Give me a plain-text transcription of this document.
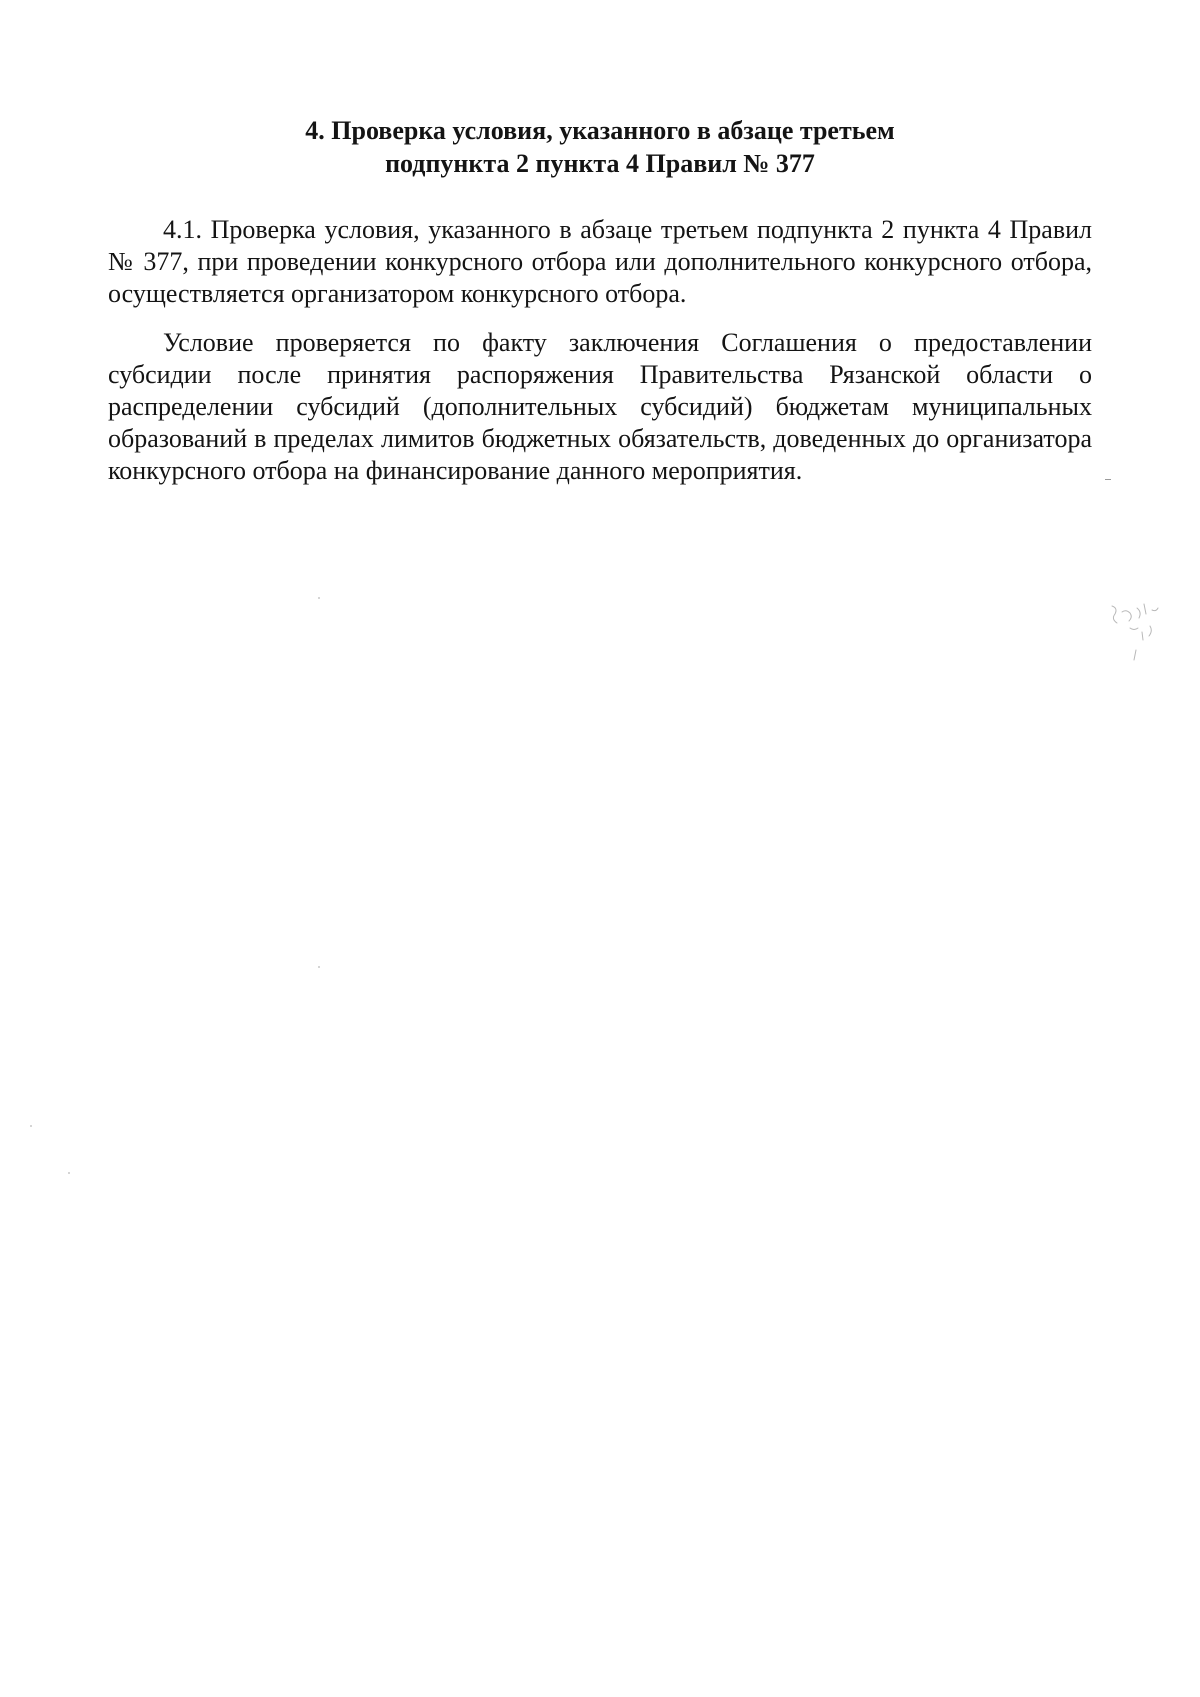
4. Проверка условия, указанного в абзаце третьем
подпункта 2 пункта 4 Правил № 377

4.1. Проверка условия, указанного в абзаце третьем подпункта 2 пункта 4 Правил № 377, при проведении конкурсного отбора или дополнительного конкурсного отбора, осуществляется организатором конкурсного отбора.

Условие проверяется по факту заключения Соглашения о предоставлении субсидии после принятия распоряжения Правительства Рязанской области о распределении субсидий (дополнительных субсидий) бюджетам муниципальных образований в пределах лимитов бюджетных обязательств, доведенных до организатора конкурсного отбора на финансирование данного мероприятия.
